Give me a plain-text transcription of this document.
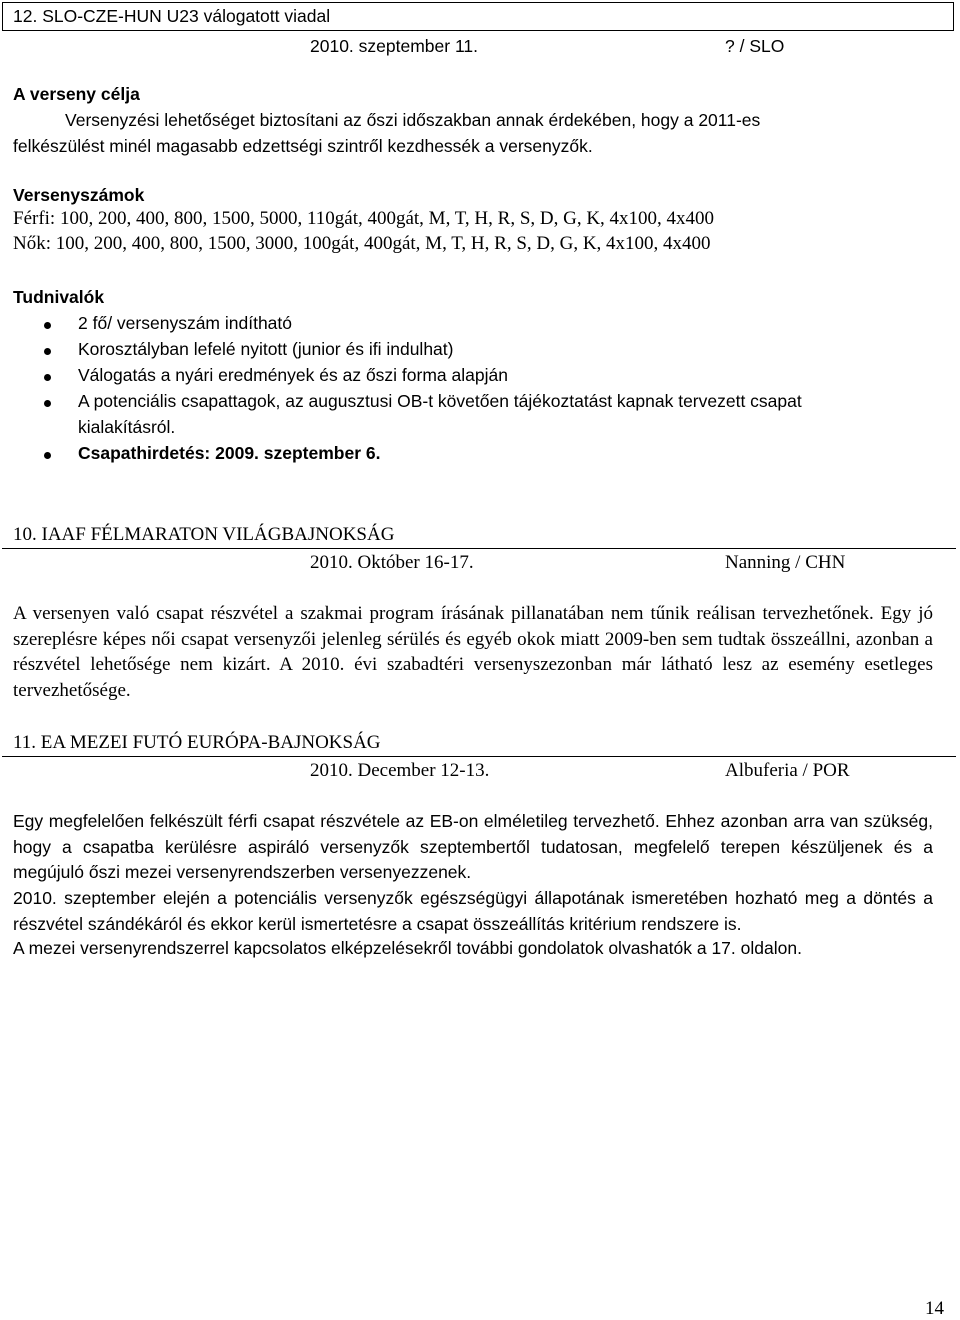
12. SLO-CZE-HUN U23 válogatott viadal
2010. szeptember 11.	? / SLO
A verseny célja
Versenyzési lehetőséget biztosítani az őszi időszakban annak érdekében, hogy a 2011-es
felkészülést minél magasabb edzettségi szintről kezdhessék a versenyzők.
Versenyszámok
Férfi: 100, 200, 400, 800, 1500, 5000, 110gát, 400gát, M, T, H, R, S, D, G, K, 4x100, 4x400
Nők: 100, 200, 400, 800, 1500, 3000, 100gát, 400gát, M, T, H, R, S, D, G, K, 4x100, 4x400
Tudnivalók
2 fő/ versenyszám indítható
Korosztályban lefelé nyitott (junior és ifi indulhat)
Válogatás a nyári eredmények és az őszi forma alapján
A potenciális csapattagok, az augusztusi OB-t követően tájékoztatást kapnak tervezett csapat
kialakításról.
Csapathirdetés: 2009. szeptember 6.
10. IAAF FÉLMARATON VILÁGBAJNOKSÁG
2010. Október 16-17.	Nanning / CHN
A versenyen való csapat részvétel a szakmai program írásának pillanatában nem tűnik reálisan tervezhetőnek. Egy jó szereplésre képes női csapat versenyzői jelenleg sérülés és egyéb okok miatt 2009-ben sem tudtak összeállni, azonban a részvétel lehetősége nem kizárt. A 2010. évi szabadtéri versenyszezonban már látható lesz az esemény esetleges tervezhetősége.
11. EA MEZEI FUTÓ EURÓPA-BAJNOKSÁG
2010. December 12-13.	Albuferia / POR
Egy megfelelően felkészült férfi csapat részvétele az EB-on elméletileg tervezhető. Ehhez azonban arra van szükség, hogy a csapatba kerülésre aspiráló versenyzők szeptembertől tudatosan, megfelelő terepen készüljenek és a megújuló őszi mezei versenyrendszerben versenyezzenek.
2010. szeptember elején a potenciális versenyzők egészségügyi állapotának ismeretében hozható meg a döntés a részvétel szándékáról és ekkor kerül ismertetésre a csapat összeállítás kritérium rendszere is.
A mezei versenyrendszerrel kapcsolatos elképzelésekről további gondolatok olvashatók a 17. oldalon.
14
